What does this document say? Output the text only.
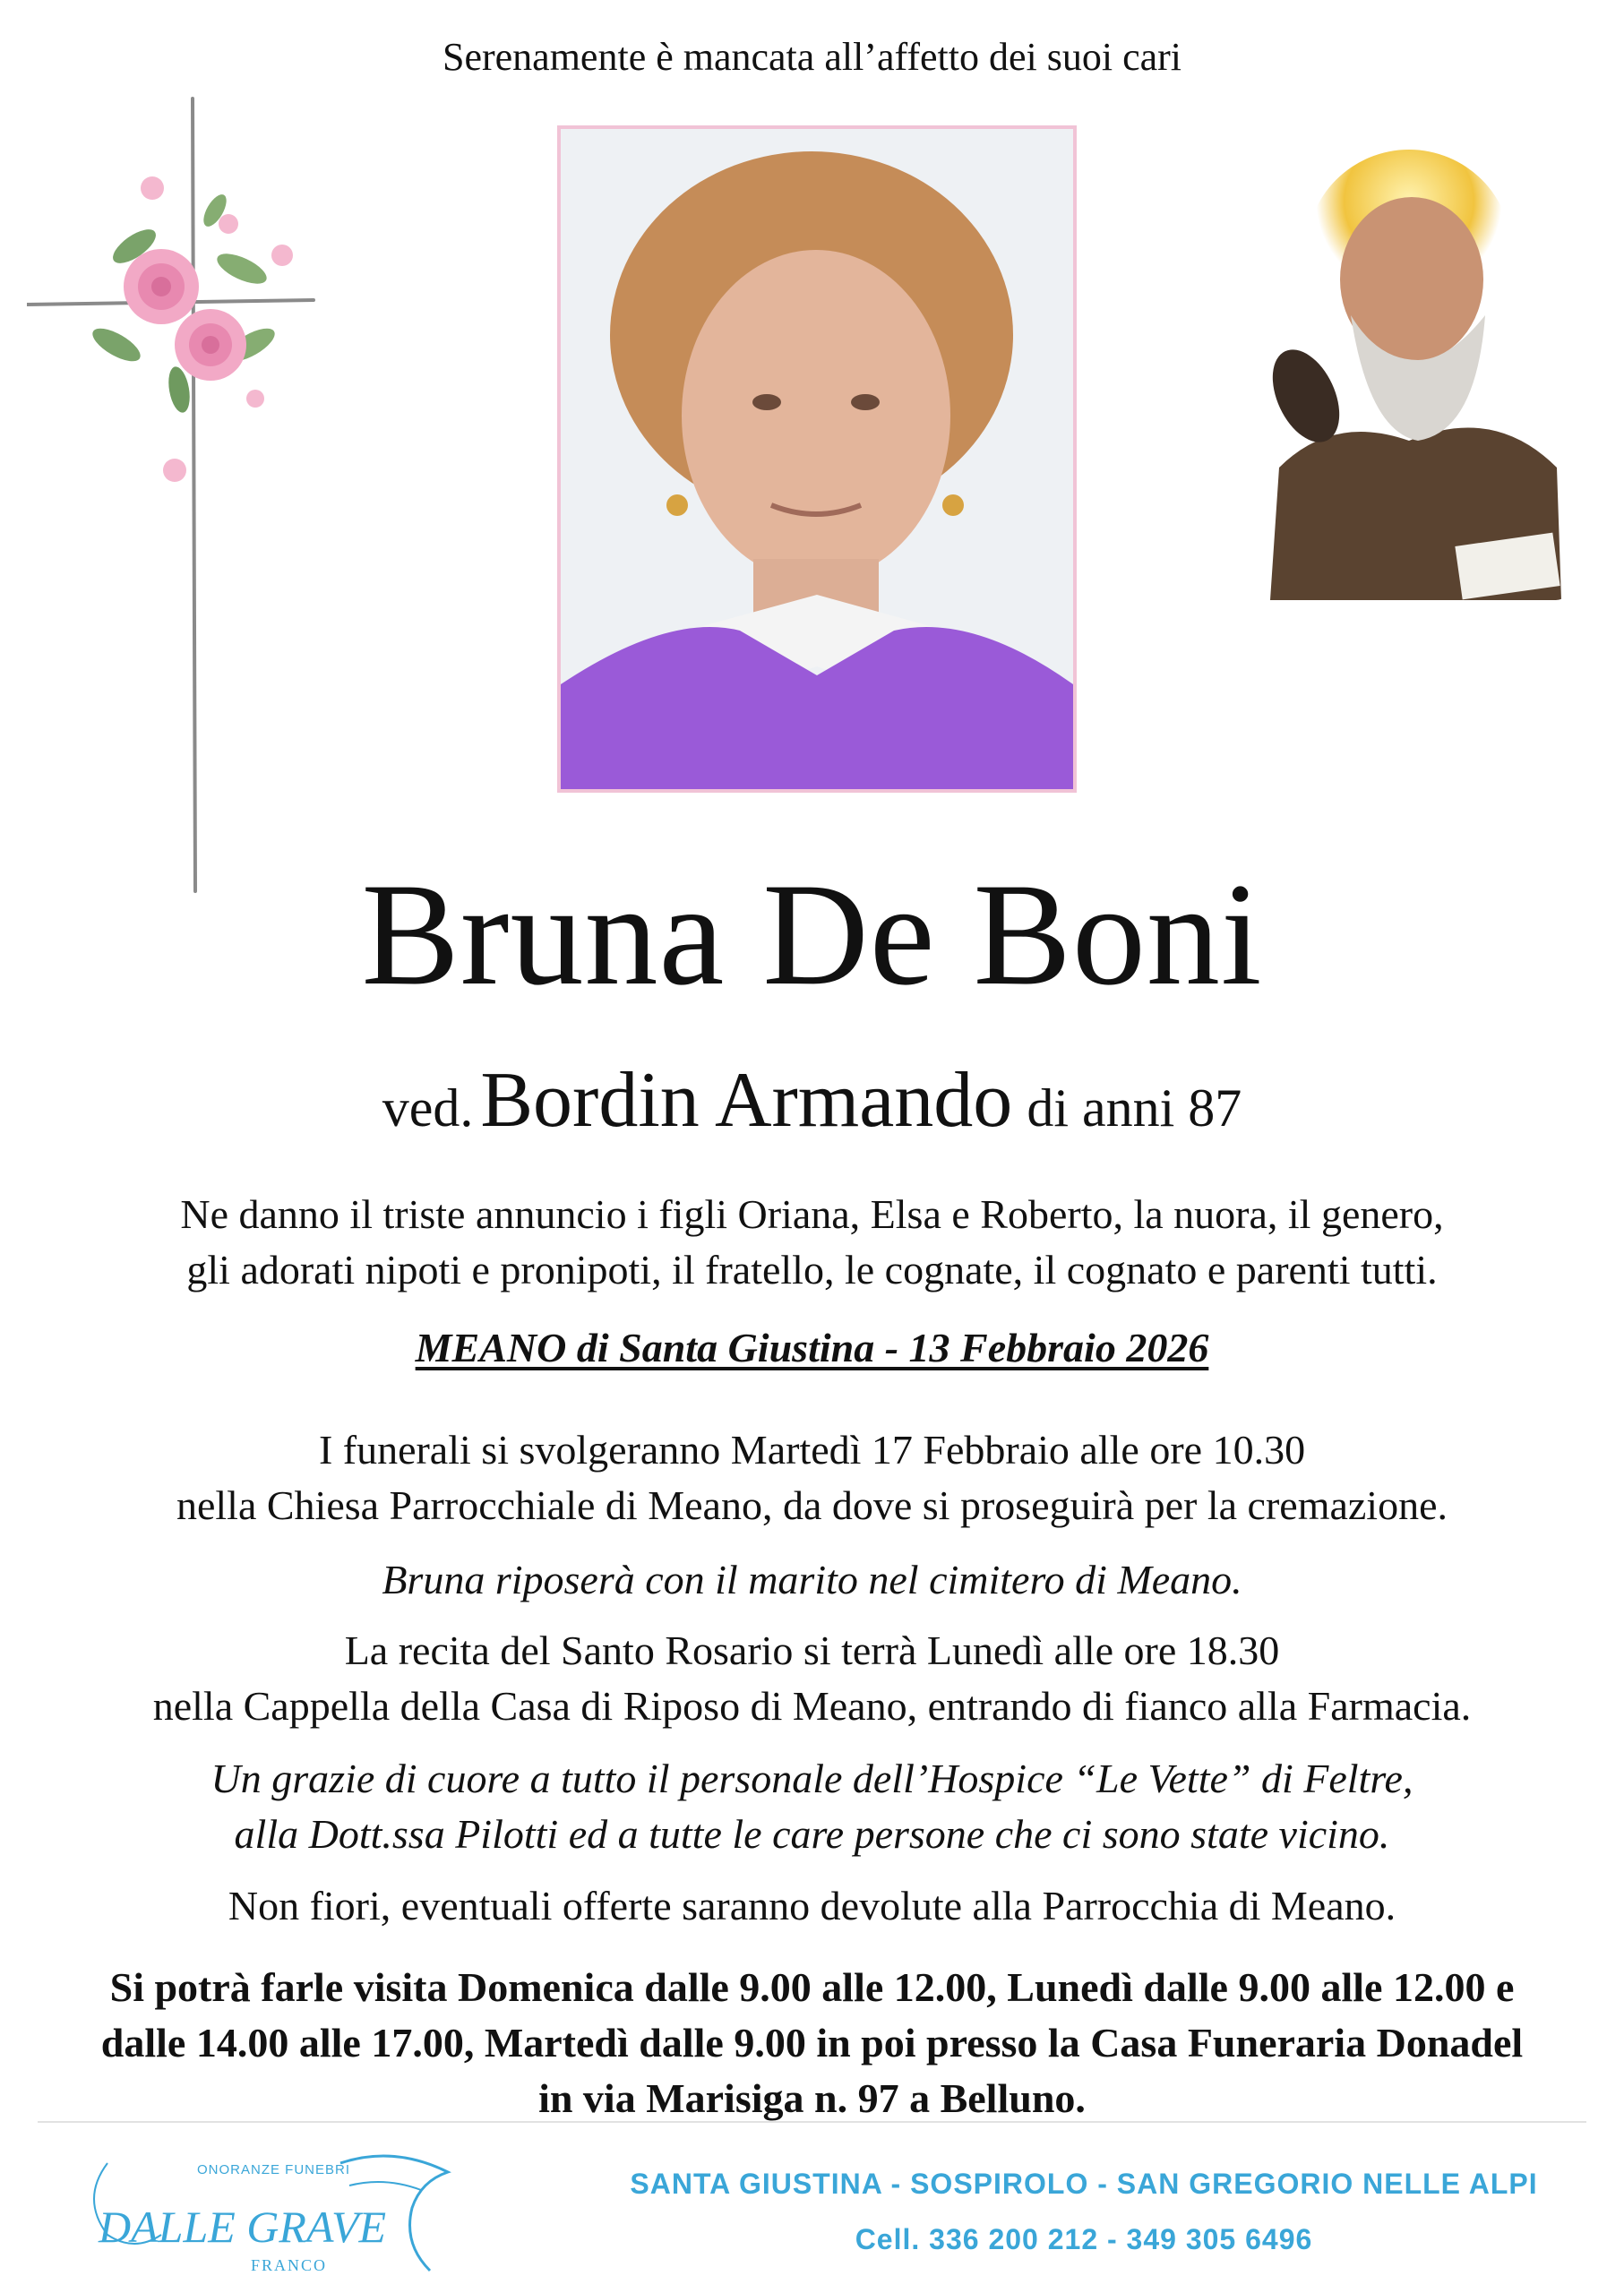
Serenamente è mancata all’affetto dei suoi cari
Bruna De Boni
ved.  Bordin Armando di anni 87
Ne danno il triste annuncio i figli Oriana, Elsa e Roberto, la nuora, il genero,
gli adorati nipoti e pronipoti, il fratello, le cognate, il cognato e parenti tutti.
MEANO di Santa Giustina - 13 Febbraio 2026
I funerali si svolgeranno Martedì 17 Febbraio alle ore 10.30
nella Chiesa Parrocchiale di Meano, da dove si proseguirà per la cremazione.
Bruna riposerà con il marito nel cimitero di Meano.
La recita del Santo Rosario si terrà Lunedì alle ore 18.30
nella Cappella della Casa di Riposo di Meano, entrando di fianco alla Farmacia.
Un grazie di cuore a tutto il personale dell’Hospice “Le Vette” di Feltre,
alla Dott.ssa Pilotti ed a tutte le care persone che ci sono state vicino.
Non fiori, eventuali offerte saranno devolute alla Parrocchia di Meano.
Si potrà farle visita Domenica dalle 9.00 alle 12.00, Lunedì dalle 9.00 alle 12.00 e
dalle 14.00 alle 17.00, Martedì dalle 9.00 in poi presso la Casa Funeraria Donadel
in via Marisiga n. 97 a Belluno.
ONORANZE FUNEBRI
DALLE GRAVE
FRANCO
SANTA GIUSTINA - SOSPIROLO - SAN GREGORIO NELLE ALPI
Cell. 336 200 212 - 349 305 6496
